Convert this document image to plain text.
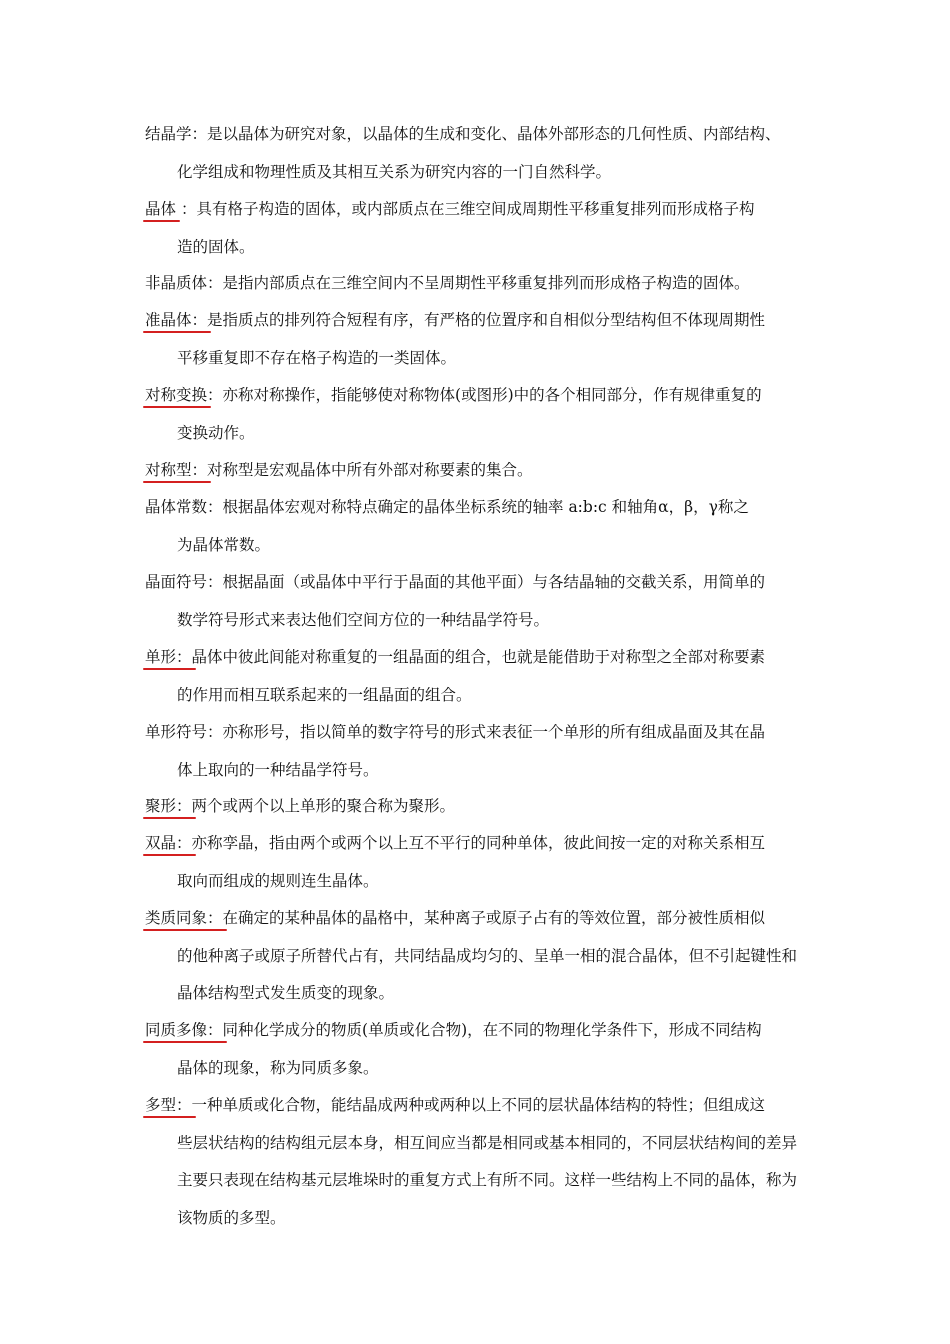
结晶学：是以晶体为研究对象，以晶体的生成和变化、晶体外部形态的几何性质、内部结构、
化学组成和物理性质及其相互关系为研究内容的一门自然科学。
晶体 ：具有格子构造的固体，或内部质点在三维空间成周期性平移重复排列而形成格子构
造的固体。
非晶质体：是指内部质点在三维空间内不呈周期性平移重复排列而形成格子构造的固体。
准晶体：是指质点的排列符合短程有序，有严格的位置序和自相似分型结构但不体现周期性
平移重复即不存在格子构造的一类固体。
对称变换：亦称对称操作，指能够使对称物体(或图形)中的各个相同部分，作有规律重复的
变换动作。
对称型：对称型是宏观晶体中所有外部对称要素的集合。
晶体常数：根据晶体宏观对称特点确定的晶体坐标系统的轴率 a:b:c 和轴角α，β，γ称之
为晶体常数。
晶面符号：根据晶面（或晶体中平行于晶面的其他平面）与各结晶轴的交截关系，用简单的
数学符号形式来表达他们空间方位的一种结晶学符号。
单形：晶体中彼此间能对称重复的一组晶面的组合，也就是能借助于对称型之全部对称要素
的作用而相互联系起来的一组晶面的组合。
单形符号：亦称形号，指以简单的数字符号的形式来表征一个单形的所有组成晶面及其在晶
体上取向的一种结晶学符号。
聚形：两个或两个以上单形的聚合称为聚形。
双晶：亦称孪晶，指由两个或两个以上互不平行的同种单体，彼此间按一定的对称关系相互
取向而组成的规则连生晶体。
类质同象：在确定的某种晶体的晶格中，某种离子或原子占有的等效位置，部分被性质相似
的他种离子或原子所替代占有，共同结晶成均匀的、呈单一相的混合晶体，但不引起键性和晶体结构型式发生质变的现象。
同质多像：同种化学成分的物质(单质或化合物)，在不同的物理化学条件下，形成不同结构
晶体的现象，称为同质多象。
多型：一种单质或化合物，能结晶成两种或两种以上不同的层状晶体结构的特性；但组成这
些层状结构的结构组元层本身，相互间应当都是相同或基本相同的，不同层状结构间的差异主要只表现在结构基元层堆垛时的重复方式上有所不同。这样一些结构上不同的晶体，称为该物质的多型。
